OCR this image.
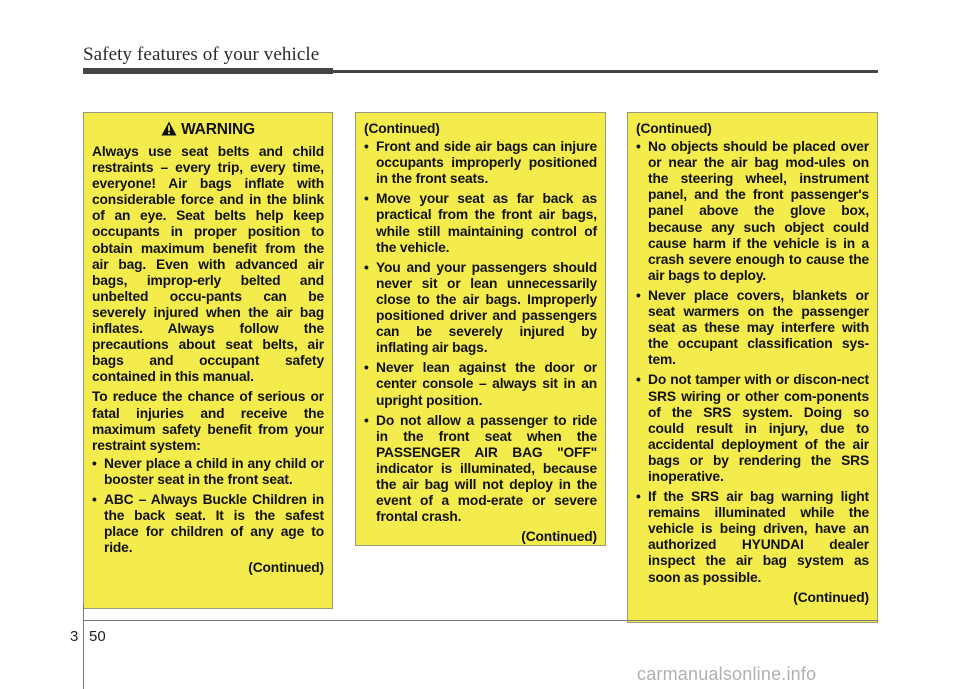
Safety features of your vehicle
WARNING

Always use seat belts and child restraints – every trip, every time, everyone! Air bags inflate with considerable force and in the blink of an eye. Seat belts help keep occupants in proper position to obtain maximum benefit from the air bag. Even with advanced air bags, improp-erly belted and unbelted occu-pants can be severely injured when the air bag inflates. Always follow the precautions about seat belts, air bags and occupant safety contained in this manual.

To reduce the chance of serious or fatal injuries and receive the maximum safety benefit from your restraint system:

• Never place a child in any child or booster seat in the front seat.
• ABC – Always Buckle Children in the back seat. It is the safest place for children of any age to ride.
(Continued)
(Continued)
• Front and side air bags can injure occupants improperly positioned in the front seats.
• Move your seat as far back as practical from the front air bags, while still maintaining control of the vehicle.
• You and your passengers should never sit or lean unnecessarily close to the air bags. Improperly positioned driver and passengers can be severely injured by inflating air bags.
• Never lean against the door or center console – always sit in an upright position.
• Do not allow a passenger to ride in the front seat when the PASSENGER AIR BAG "OFF" indicator is illuminated, because the air bag will not deploy in the event of a mod-erate or severe frontal crash.
(Continued)
(Continued)
• No objects should be placed over or near the air bag mod-ules on the steering wheel, instrument panel, and the front passenger's panel above the glove box, because any such object could cause harm if the vehicle is in a crash severe enough to cause the air bags to deploy.
• Never place covers, blankets or seat warmers on the passenger seat as these may interfere with the occupant classification sys-tem.
• Do not tamper with or discon-nect SRS wiring or other com-ponents of the SRS system. Doing so could result in injury, due to accidental deployment of the air bags or by rendering the SRS inoperative.
• If the SRS air bag warning light remains illuminated while the vehicle is being driven, have an authorized HYUNDAI dealer inspect the air bag system as soon as possible.
(Continued)
3 50
carmanualsonline.info
